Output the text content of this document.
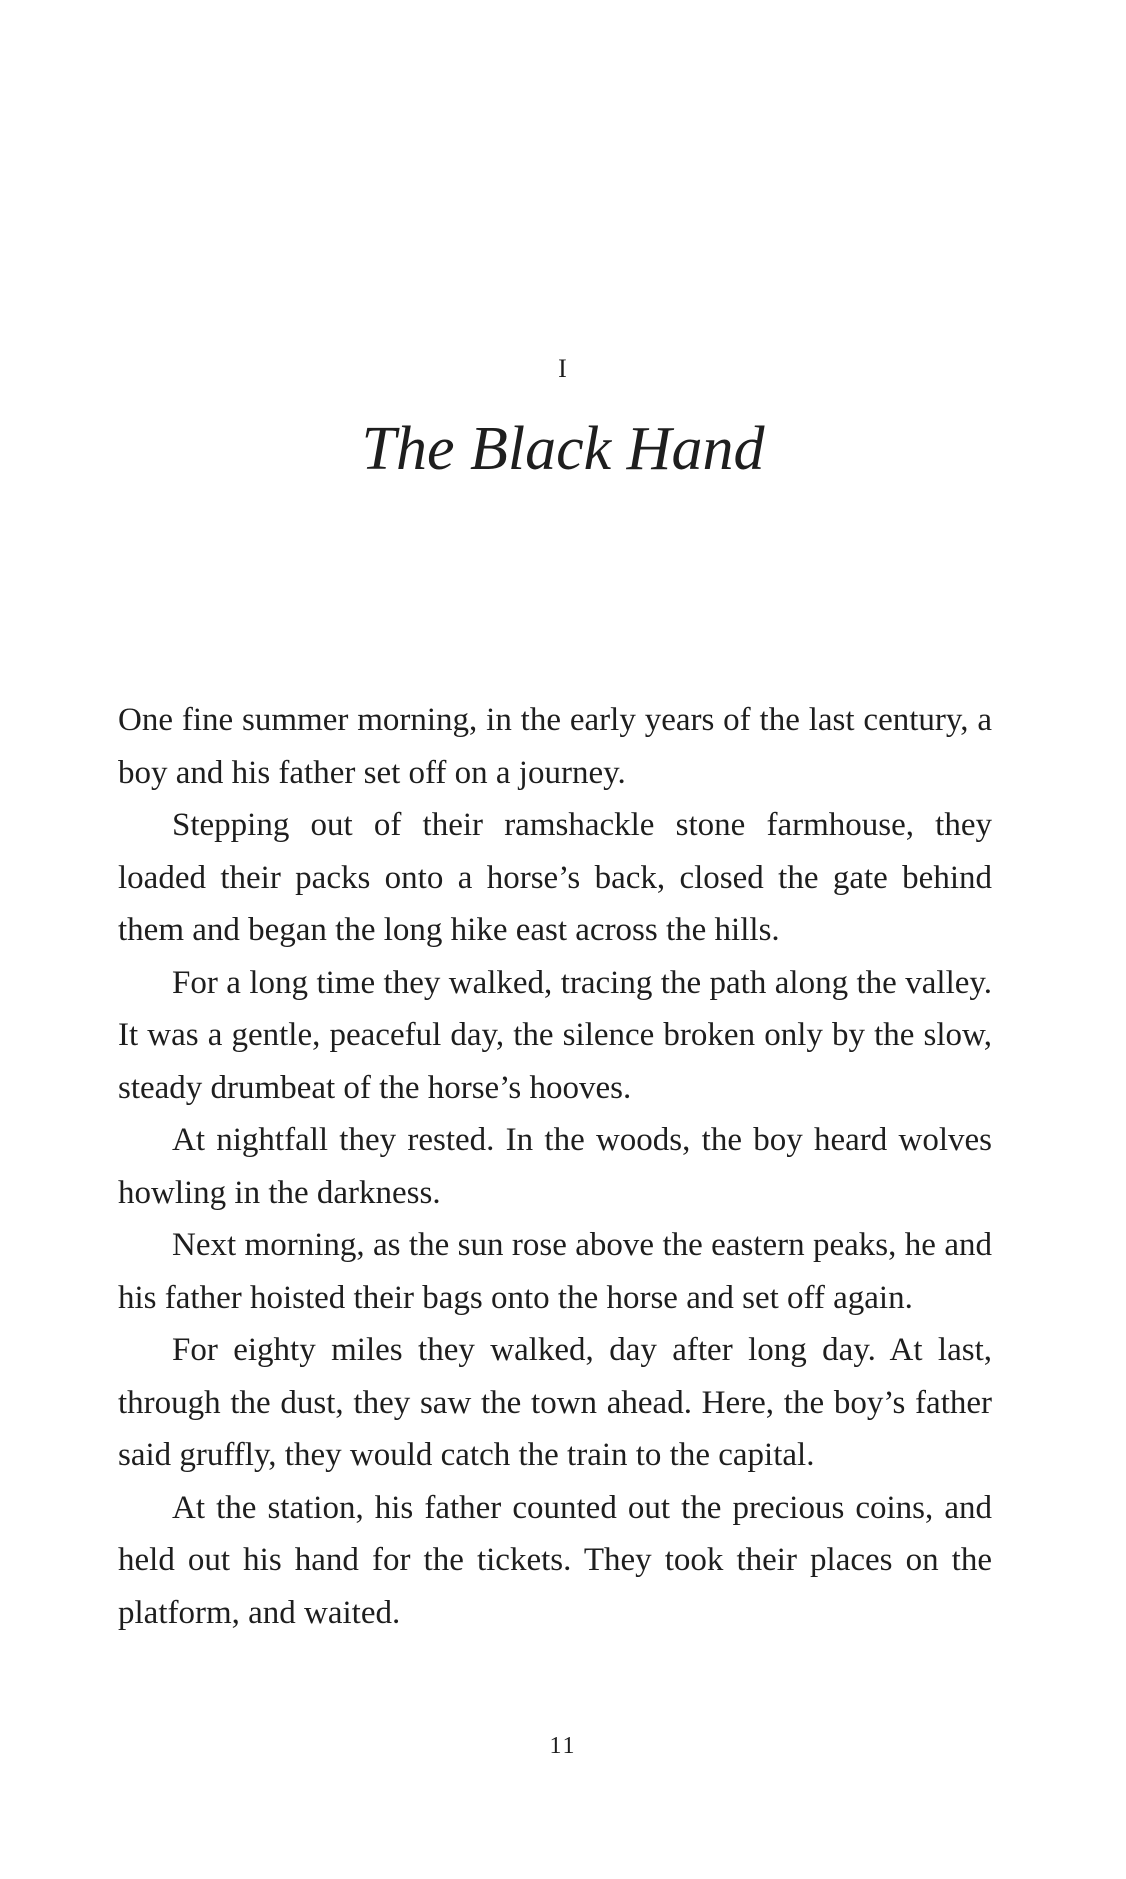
I
The Black Hand

One fine summer morning, in the early years of the last century, a boy and his father set off on a journey.

Stepping out of their ramshackle stone farmhouse, they loaded their packs onto a horse’s back, closed the gate behind them and began the long hike east across the hills.

For a long time they walked, tracing the path along the valley. It was a gentle, peaceful day, the silence broken only by the slow, steady drumbeat of the horse’s hooves.

At nightfall they rested. In the woods, the boy heard wolves howling in the darkness.

Next morning, as the sun rose above the eastern peaks, he and his father hoisted their bags onto the horse and set off again.

For eighty miles they walked, day after long day. At last, through the dust, they saw the town ahead. Here, the boy’s father said gruffly, they would catch the train to the capital.

At the station, his father counted out the precious coins, and held out his hand for the tickets. They took their places on the platform, and waited.

11
